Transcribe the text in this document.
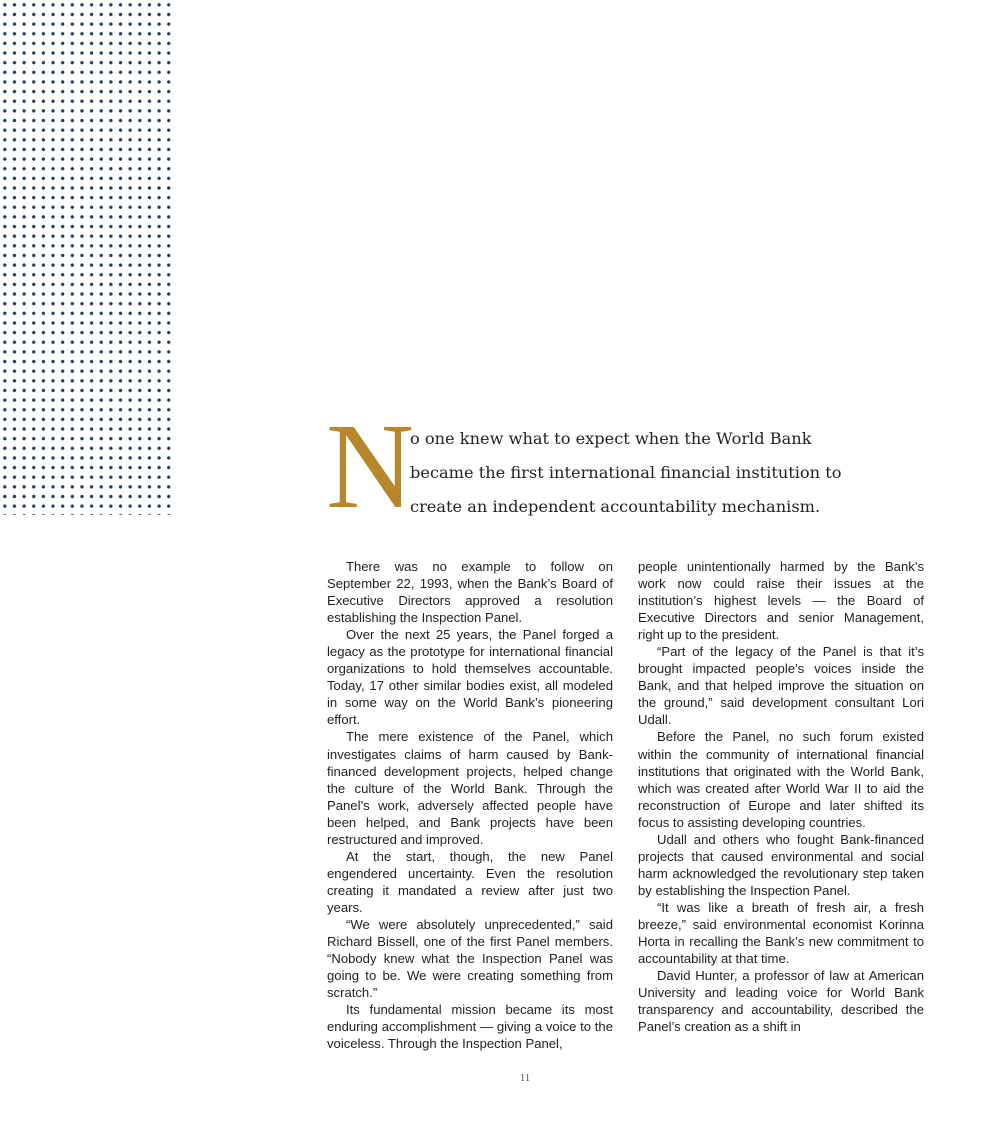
N

o one knew what to expect when the World Bank became the first international financial institution to create an independent accountability mechanism.

There was no example to follow on September 22, 1993, when the Bank’s Board of Executive Directors approved a resolution establishing the Inspection Panel.

Over the next 25 years, the Panel forged a legacy as the prototype for international financial organizations to hold themselves accountable. Today, 17 other similar bodies exist, all modeled in some way on the World Bank’s pioneering effort.

The mere existence of the Panel, which investigates claims of harm caused by Bank-financed development projects, helped change the culture of the World Bank. Through the Panel’s work, adversely affected people have been helped, and Bank projects have been restructured and improved.

At the start, though, the new Panel engendered uncertainty. Even the resolution creating it mandated a review after just two years.

“We were absolutely unprecedented,” said Richard Bissell, one of the first Panel members. “Nobody knew what the Inspection Panel was going to be. We were creating something from scratch.”

Its fundamental mission became its most enduring accomplishment — giving a voice to the voiceless. Through the Inspection Panel,

people unintentionally harmed by the Bank’s work now could raise their issues at the institution’s highest levels — the Board of Executive Directors and senior Management, right up to the president.

“Part of the legacy of the Panel is that it’s brought impacted people’s voices inside the Bank, and that helped improve the situation on the ground,” said development consultant Lori Udall.

Before the Panel, no such forum existed within the community of international financial institutions that originated with the World Bank, which was created after World War II to aid the reconstruction of Europe and later shifted its focus to assisting developing countries.

Udall and others who fought Bank-financed projects that caused environmental and social harm acknowledged the revolutionary step taken by establishing the Inspection Panel.

“It was like a breath of fresh air, a fresh breeze,” said environmental economist Korinna Horta in recalling the Bank’s new commitment to accountability at that time.

David Hunter, a professor of law at American University and leading voice for World Bank transparency and accountability, described the Panel’s creation as a shift in

11
